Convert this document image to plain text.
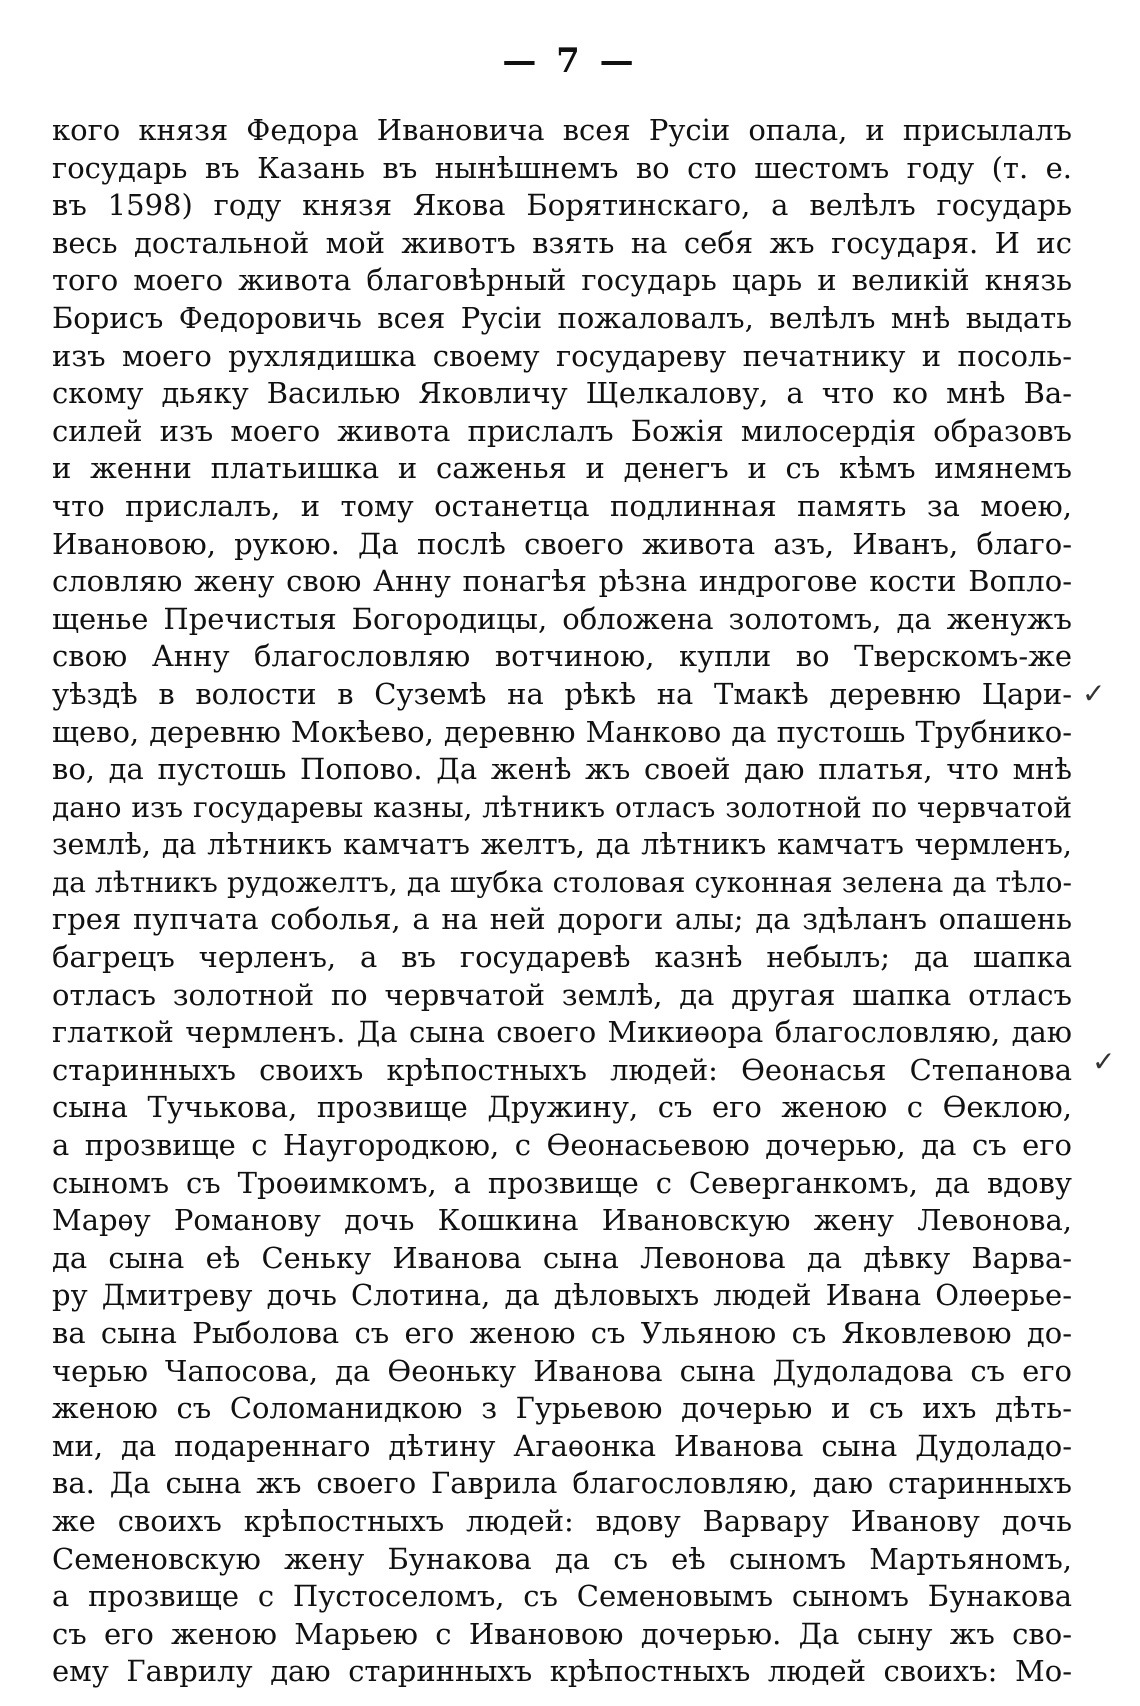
— 7 —
кого князя Федора Ивановича всея Русіи опала, и присылалъ
государь въ Казань въ нынѣшнемъ во сто шестомъ году (т. е.
въ 1598) году князя Якова Борятинскаго, а велѣлъ государь
весь достальной мой животъ взять на себя жъ государя. И ис
того моего живота благовѣрный государь царь и великій князь
Борисъ Федоровичь всея Русіи пожаловалъ, велѣлъ мнѣ выдать
изъ моего рухлядишка своему государеву печатнику и посоль-
скому дьяку Василью Яковличу Щелкалову, а что ко мнѣ Ва-
силей изъ моего живота прислалъ Божія милосердія образовъ
и женни платьишка и саженья и денегъ и съ кѣмъ имянемъ
что прислалъ, и тому останетца подлинная память за моею,
Ивановою, рукою. Да послѣ своего живота азъ, Иванъ, благо-
словляю жену свою Анну понагѣя рѣзна индрогове кости Вопло-
щенье Пречистыя Богородицы, обложена золотомъ, да женужъ
свою Анну благословляю вотчиною, купли во Тверскомъ-же
уѣздѣ в волости в Суземѣ на рѣкѣ на Тмакѣ деревню Цари-
щево, деревню Мокѣево, деревню Манково да пустошь Трубнико-
во, да пустошь Попово. Да женѣ жъ своей даю платья, что мнѣ
дано изъ государевы казны, лѣтникъ отласъ золотной по червчатой
землѣ, да лѣтникъ камчатъ желтъ, да лѣтникъ камчатъ чермленъ,
да лѣтникъ рудожелтъ, да шубка столовая суконная зелена да тѣло-
грея пупчата соболья, а на ней дороги алы; да здѣланъ опашень
багрецъ черленъ, а въ государевѣ казнѣ небылъ; да шапка
отласъ золотной по червчатой землѣ, да другая шапка отласъ
глаткой чермленъ. Да сына своего Микиѳора благословляю, даю
старинныхъ своихъ крѣпостныхъ людей: Ѳеонасья Степанова
сына Тучькова, прозвище Дружину, съ его женою с Ѳеклою,
а прозвище с Наугородкою, с Ѳеонасьевою дочерью, да съ его
сыномъ съ Троѳимкомъ, а прозвище с Северганкомъ, да вдову
Марѳу Романову дочь Кошкина Ивановскую жену Левонова,
да сына еѣ Сеньку Иванова сына Левонова да дѣвку Варва-
ру Дмитреву дочь Слотина, да дѣловыхъ людей Ивана Олѳерье-
ва сына Рыболова съ его женою съ Ульяною съ Яковлевою до-
черью Чапосова, да Ѳеоньку Иванова сына Дудоладова съ его
женою съ Соломанидкою з Гурьевою дочерью и съ ихъ дѣть-
ми, да подареннаго дѣтину Агаѳонка Иванова сына Дудоладо-
ва. Да сына жъ своего Гаврила благословляю, даю старинныхъ
же своихъ крѣпостныхъ людей: вдову Варвару Иванову дочь
Семеновскую жену Бунакова да съ еѣ сыномъ Мартьяномъ,
а прозвище с Пустоселомъ, съ Семеновымъ сыномъ Бунакова
съ его женою Марьею с Ивановою дочерью. Да сыну жъ сво-
ему Гаврилу даю старинныхъ крѣпостныхъ людей своихъ: Мо-
✓
✓
